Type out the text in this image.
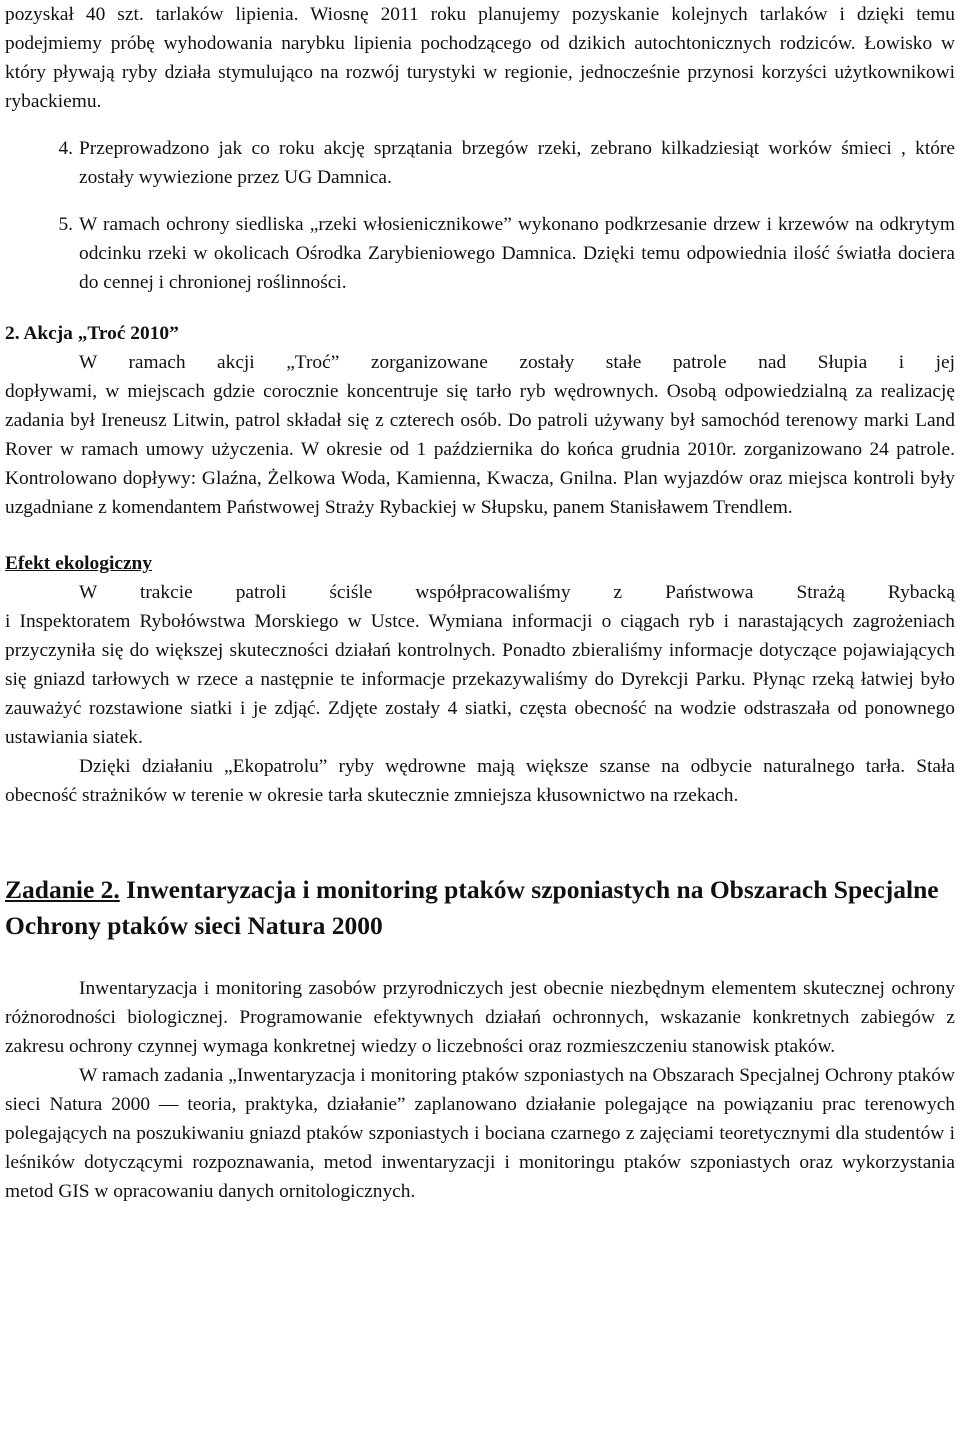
pozyskał 40 szt. tarlaków lipienia. Wiosnę 2011 roku planujemy pozyskanie kolejnych tarlaków i dzięki temu podejmiemy próbę wyhodowania narybku lipienia pochodzącego od dzikich autochtonicznych rodziców. Łowisko w który pływają ryby działa stymulująco na rozwój turystyki w regionie, jednocześnie przynosi korzyści użytkownikowi rybackiemu.

4. Przeprowadzono jak co roku akcję sprzątania brzegów rzeki, zebrano kilkadziesiąt worków śmieci , które zostały wywiezione przez UG Damnica.
5. W ramach ochrony siedliska „rzeki włosienicznikowe” wykonano podkrzesanie drzew i krzewów na odkrytym odcinku rzeki w okolicach Ośrodka Zarybieniowego Damnica. Dzięki temu odpowiednia ilość światła dociera do cennej i chronionej roślinności.

2. Akcja „Troć 2010”

W ramach akcji „Troć” zorganizowane zostały stałe patrole nad Słupia i jej

dopływami, w miejscach gdzie corocznie koncentruje się tarło ryb wędrownych. Osobą odpowiedzialną za realizację zadania był Ireneusz Litwin, patrol składał się z czterech osób. Do patroli używany był samochód terenowy marki Land Rover w ramach umowy użyczenia. W okresie od 1 października do końca grudnia 2010r. zorganizowano 24 patrole. Kontrolowano dopływy: Glaźna, Żelkowa Woda, Kamienna, Kwacza, Gnilna. Plan wyjazdów oraz miejsca kontroli były uzgadniane z komendantem Państwowej Straży Rybackiej w Słupsku, panem Stanisławem Trendlem.

Efekt ekologiczny

W trakcie patroli ściśle współpracowaliśmy z Państwowa Strażą Rybacką

i Inspektoratem Rybołówstwa Morskiego w Ustce. Wymiana informacji o ciągach ryb i narastających zagrożeniach przyczyniła się do większej skuteczności działań kontrolnych. Ponadto zbieraliśmy informacje dotyczące pojawiających się gniazd tarłowych w rzece a następnie te informacje przekazywaliśmy do Dyrekcji Parku. Płynąc rzeką łatwiej było zauważyć rozstawione siatki i je zdjąć. Zdjęte zostały 4 siatki, częsta obecność na wodzie odstraszała od ponownego ustawiania siatek.

Dzięki działaniu „Ekopatrolu” ryby wędrowne mają większe szanse na odbycie naturalnego tarła. Stała obecność strażników w terenie w okresie tarła skutecznie zmniejsza kłusownictwo na rzekach.

Zadanie 2. Inwentaryzacja i monitoring ptaków szponiastych na Obszarach Specjalne Ochrony ptaków sieci Natura 2000

Inwentaryzacja i monitoring zasobów przyrodniczych jest obecnie niezbędnym elementem skutecznej ochrony różnorodności biologicznej. Programowanie efektywnych działań ochronnych, wskazanie konkretnych zabiegów z zakresu ochrony czynnej wymaga konkretnej wiedzy o liczebności oraz rozmieszczeniu stanowisk ptaków.

W ramach zadania „Inwentaryzacja i monitoring ptaków szponiastych na Obszarach Specjalnej Ochrony ptaków sieci Natura 2000 — teoria, praktyka, działanie” zaplanowano działanie polegające na powiązaniu prac terenowych polegających na poszukiwaniu gniazd ptaków szponiastych i bociana czarnego z zajęciami teoretycznymi dla studentów i leśników dotyczącymi rozpoznawania, metod inwentaryzacji i monitoringu ptaków szponiastych oraz wykorzystania metod GIS w opracowaniu danych ornitologicznych.
